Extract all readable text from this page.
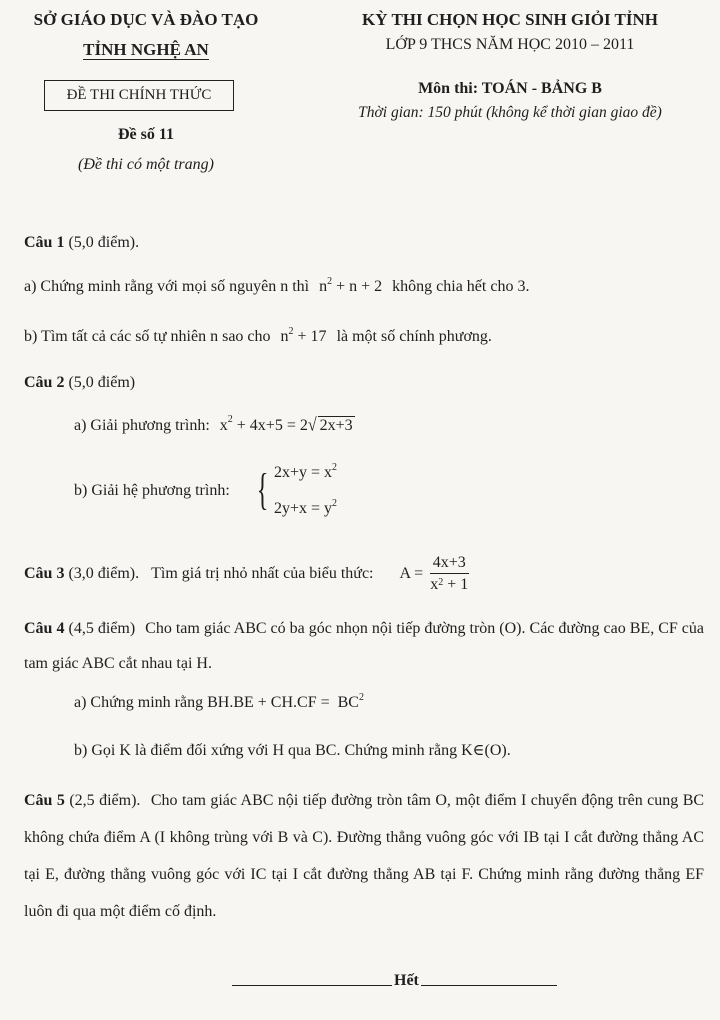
SỞ GIÁO DỤC VÀ ĐÀO TẠO
TỈNH NGHỆ AN
ĐỀ THI CHÍNH THỨC
Đề số 11
(Đề thi có một trang)
KỲ THI CHỌN HỌC SINH GIỎI TỈNH
LỚP 9 THCS NĂM HỌC 2010 – 2011
Môn thi: TOÁN - BẢNG B
Thời gian: 150 phút (không kể thời gian giao đề)
Câu 1 (5,0 điểm).
a) Chứng minh rằng với mọi số nguyên n thì $n^2 + n + 2$ không chia hết cho 3.
b) Tìm tất cả các số tự nhiên n sao cho $n^2 + 17$ là một số chính phương.
Câu 2 (5,0 điểm)
a) Giải phương trình: $x^2 + 4x+5 = 2√$ 2x+3
b) Giải hệ phương trình: { $2x+y = x^2$
$2y+x = y^2$
Câu 3 (3,0 điểm). Tìm giá trị nhỏ nhất của biểu thức: $A = \frac{4x+3}{x^2 + 1}$
Câu 4 (4,5 điểm) Cho tam giác ABC có ba góc nhọn nội tiếp đường tròn (O). Các đường cao BE, CF của tam giác ABC cắt nhau tại H.
a) Chứng minh rằng $BH.BE + CH.CF = BC^2$
b) Gọi K là điểm đối xứng với H qua BC. Chứng minh rằng K∈(O).
Câu 5 (2,5 điểm). Cho tam giác ABC nội tiếp đường tròn tâm O, một điểm I chuyển động trên cung BC không chứa điểm A (I không trùng với B và C). Đường thẳng vuông góc với IB tại I cắt đường thẳng AC tại E, đường thẳng vuông góc với IC tại I cắt đường thẳng AB tại F. Chứng minh rằng đường thẳng EF luôn đi qua một điểm cố định.
Hết
